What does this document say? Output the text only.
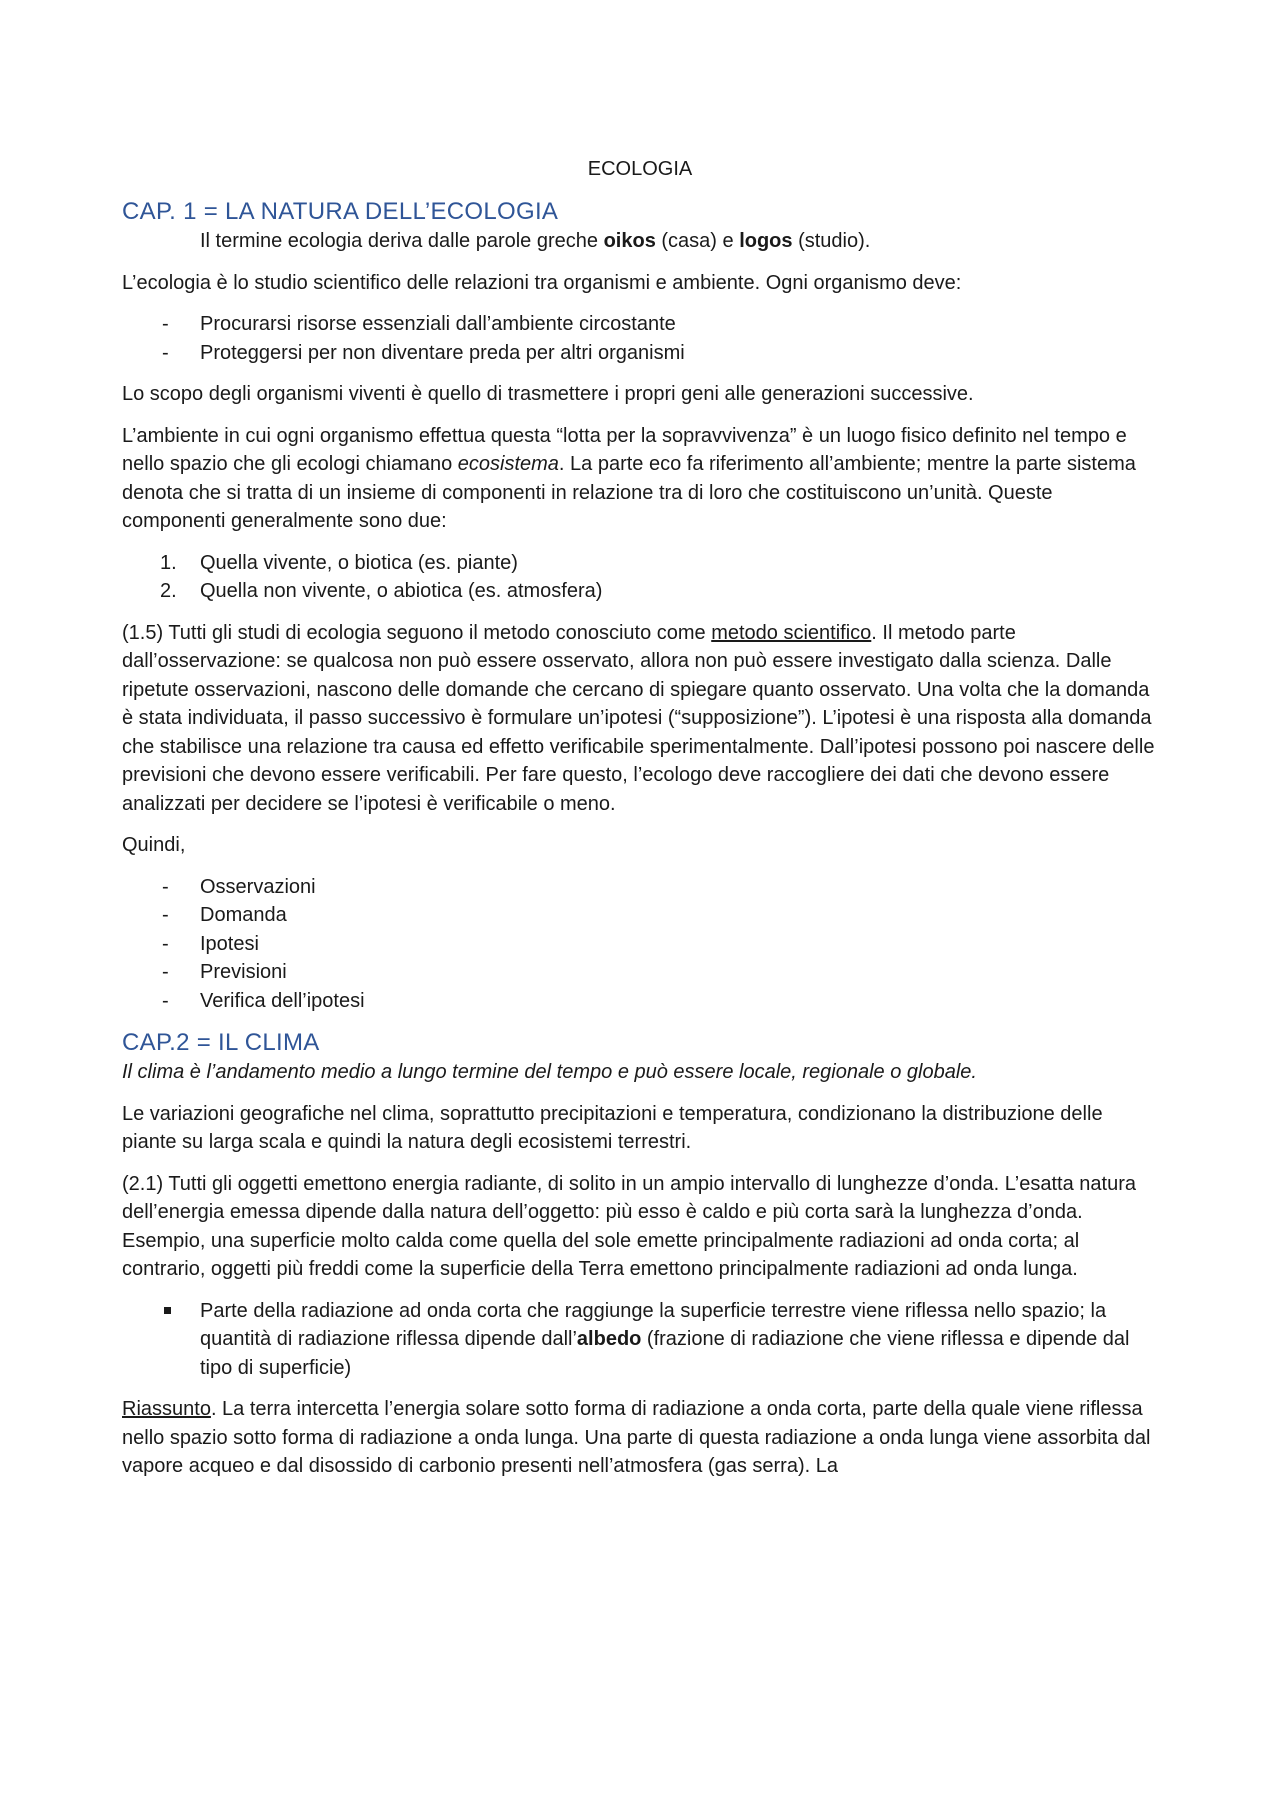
ECOLOGIA
CAP. 1 = LA NATURA DELL’ECOLOGIA

Il termine ecologia deriva dalle parole greche oikos (casa) e logos (studio).

L’ecologia è lo studio scientifico delle relazioni tra organismi e ambiente. Ogni organismo deve:

- Procurarsi risorse essenziali dall’ambiente circostante
- Proteggersi per non diventare preda per altri organismi

Lo scopo degli organismi viventi è quello di trasmettere i propri geni alle generazioni successive.

L’ambiente in cui ogni organismo effettua questa “lotta per la sopravvivenza” è un luogo fisico definito nel tempo e nello spazio che gli ecologi chiamano ecosistema. La parte eco fa riferimento all’ambiente; mentre la parte sistema denota che si tratta di un insieme di componenti in relazione tra di loro che costituiscono un’unità. Queste componenti generalmente sono due:

1. Quella vivente, o biotica (es. piante)
2. Quella non vivente, o abiotica (es. atmosfera)

(1.5) Tutti gli studi di ecologia seguono il metodo conosciuto come metodo scientifico. Il metodo parte dall’osservazione: se qualcosa non può essere osservato, allora non può essere investigato dalla scienza. Dalle ripetute osservazioni, nascono delle domande che cercano di spiegare quanto osservato. Una volta che la domanda è stata individuata, il passo successivo è formulare un’ipotesi (“supposizione”). L’ipotesi è una risposta alla domanda che stabilisce una relazione tra causa ed effetto verificabile sperimentalmente. Dall’ipotesi possono poi nascere delle previsioni che devono essere verificabili. Per fare questo, l’ecologo deve raccogliere dei dati che devono essere analizzati per decidere se l’ipotesi è verificabile o meno.

Quindi,

- Osservazioni
- Domanda
- Ipotesi
- Previsioni
- Verifica dell’ipotesi
CAP.2 = IL CLIMA

Il clima è l’andamento medio a lungo termine del tempo e può essere locale, regionale o globale.

Le variazioni geografiche nel clima, soprattutto precipitazioni e temperatura, condizionano la distribuzione delle piante su larga scala e quindi la natura degli ecosistemi terrestri.

(2.1) Tutti gli oggetti emettono energia radiante, di solito in un ampio intervallo di lunghezze d’onda. L’esatta natura dell’energia emessa dipende dalla natura dell’oggetto: più esso è caldo e più corta sarà la lunghezza d’onda. Esempio, una superficie molto calda come quella del sole emette principalmente radiazioni ad onda corta; al contrario, oggetti più freddi come la superficie della Terra emettono principalmente radiazioni ad onda lunga.

Parte della radiazione ad onda corta che raggiunge la superficie terrestre viene riflessa nello spazio; la quantità di radiazione riflessa dipende dall’albedo (frazione di radiazione che viene riflessa e dipende dal tipo di superficie)

Riassunto. La terra intercetta l’energia solare sotto forma di radiazione a onda corta, parte della quale viene riflessa nello spazio sotto forma di radiazione a onda lunga. Una parte di questa radiazione a onda lunga viene assorbita dal vapore acqueo e dal disossido di carbonio presenti nell’atmosfera (gas serra). La
